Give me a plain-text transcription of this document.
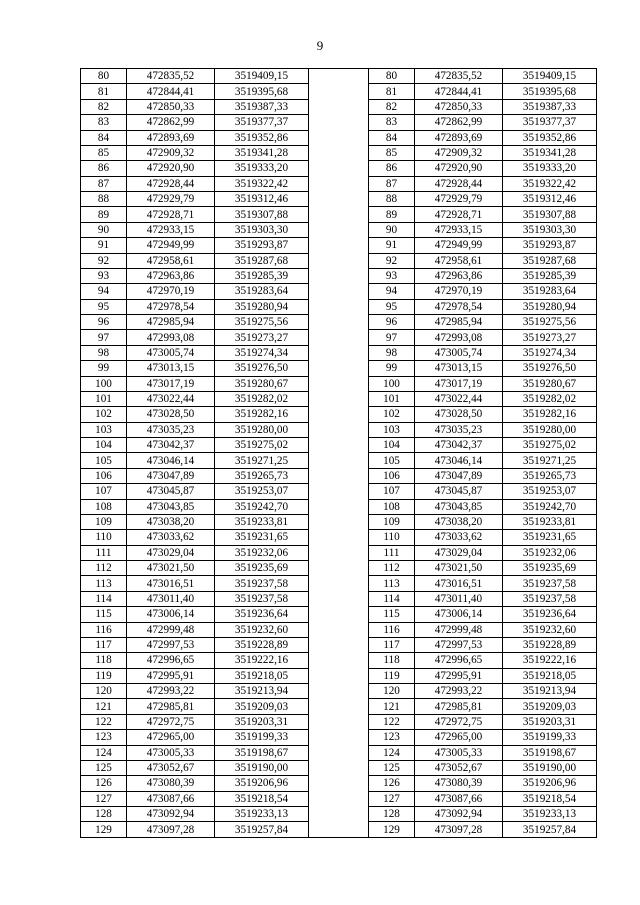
9
80	472835,52	3519409,15		80	472835,52	3519409,15
81	472844,41	3519395,68		81	472844,41	3519395,68
82	472850,33	3519387,33		82	472850,33	3519387,33
83	472862,99	3519377,37		83	472862,99	3519377,37
84	472893,69	3519352,86		84	472893,69	3519352,86
85	472909,32	3519341,28		85	472909,32	3519341,28
86	472920,90	3519333,20		86	472920,90	3519333,20
87	472928,44	3519322,42		87	472928,44	3519322,42
88	472929,79	3519312,46		88	472929,79	3519312,46
89	472928,71	3519307,88		89	472928,71	3519307,88
90	472933,15	3519303,30		90	472933,15	3519303,30
91	472949,99	3519293,87		91	472949,99	3519293,87
92	472958,61	3519287,68		92	472958,61	3519287,68
93	472963,86	3519285,39		93	472963,86	3519285,39
94	472970,19	3519283,64		94	472970,19	3519283,64
95	472978,54	3519280,94		95	472978,54	3519280,94
96	472985,94	3519275,56		96	472985,94	3519275,56
97	472993,08	3519273,27		97	472993,08	3519273,27
98	473005,74	3519274,34		98	473005,74	3519274,34
99	473013,15	3519276,50		99	473013,15	3519276,50
100	473017,19	3519280,67		100	473017,19	3519280,67
101	473022,44	3519282,02		101	473022,44	3519282,02
102	473028,50	3519282,16		102	473028,50	3519282,16
103	473035,23	3519280,00		103	473035,23	3519280,00
104	473042,37	3519275,02		104	473042,37	3519275,02
105	473046,14	3519271,25		105	473046,14	3519271,25
106	473047,89	3519265,73		106	473047,89	3519265,73
107	473045,87	3519253,07		107	473045,87	3519253,07
108	473043,85	3519242,70		108	473043,85	3519242,70
109	473038,20	3519233,81		109	473038,20	3519233,81
110	473033,62	3519231,65		110	473033,62	3519231,65
111	473029,04	3519232,06		111	473029,04	3519232,06
112	473021,50	3519235,69		112	473021,50	3519235,69
113	473016,51	3519237,58		113	473016,51	3519237,58
114	473011,40	3519237,58		114	473011,40	3519237,58
115	473006,14	3519236,64		115	473006,14	3519236,64
116	472999,48	3519232,60		116	472999,48	3519232,60
117	472997,53	3519228,89		117	472997,53	3519228,89
118	472996,65	3519222,16		118	472996,65	3519222,16
119	472995,91	3519218,05		119	472995,91	3519218,05
120	472993,22	3519213,94		120	472993,22	3519213,94
121	472985,81	3519209,03		121	472985,81	3519209,03
122	472972,75	3519203,31		122	472972,75	3519203,31
123	472965,00	3519199,33		123	472965,00	3519199,33
124	473005,33	3519198,67		124	473005,33	3519198,67
125	473052,67	3519190,00		125	473052,67	3519190,00
126	473080,39	3519206,96		126	473080,39	3519206,96
127	473087,66	3519218,54		127	473087,66	3519218,54
128	473092,94	3519233,13		128	473092,94	3519233,13
129	473097,28	3519257,84		129	473097,28	3519257,84
